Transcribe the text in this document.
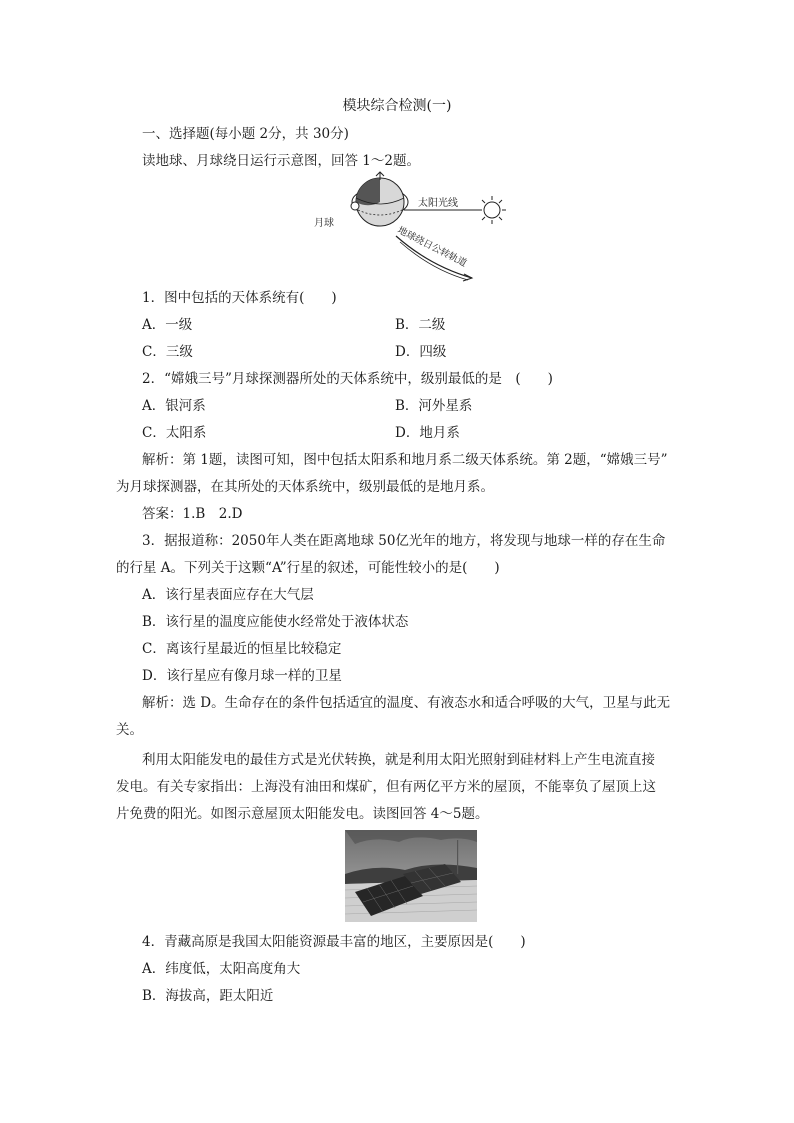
模块综合检测(一)
一、选择题(每小题 2分，共 30分)
读地球、月球绕日运行示意图，回答 1～2题。
太阳光线
月球
地球绕日公转轨道
1．图中包括的天体系统有(　　)
A．一级	B．二级
C．三级	D．四级
2．“嫦娥三号”月球探测器所处的天体系统中，级别最低的是　(　　)
A．银河系	B．河外星系
C．太阳系	D．地月系
解析：第 1题，读图可知，图中包括太阳系和地月系二级天体系统。第 2题，“嫦娥三号”
为月球探测器，在其所处的天体系统中，级别最低的是地月系。
答案：1.B　2.D
3．据报道称：2050年人类在距离地球 50亿光年的地方，将发现与地球一样的存在生命
的行星 A。下列关于这颗“A”行星的叙述，可能性较小的是(　　)
A．该行星表面应存在大气层
B．该行星的温度应能使水经常处于液体状态
C．离该行星最近的恒星比较稳定
D．该行星应有像月球一样的卫星
解析：选 D。生命存在的条件包括适宜的温度、有液态水和适合呼吸的大气，卫星与此无
关。
利用太阳能发电的最佳方式是光伏转换，就是利用太阳光照射到硅材料上产生电流直接
发电。有关专家指出：上海没有油田和煤矿，但有两亿平方米的屋顶，不能辜负了屋顶上这
片免费的阳光。如图示意屋顶太阳能发电。读图回答 4～5题。
4．青藏高原是我国太阳能资源最丰富的地区，主要原因是(　　)
A．纬度低，太阳高度角大
B．海拔高，距太阳近
